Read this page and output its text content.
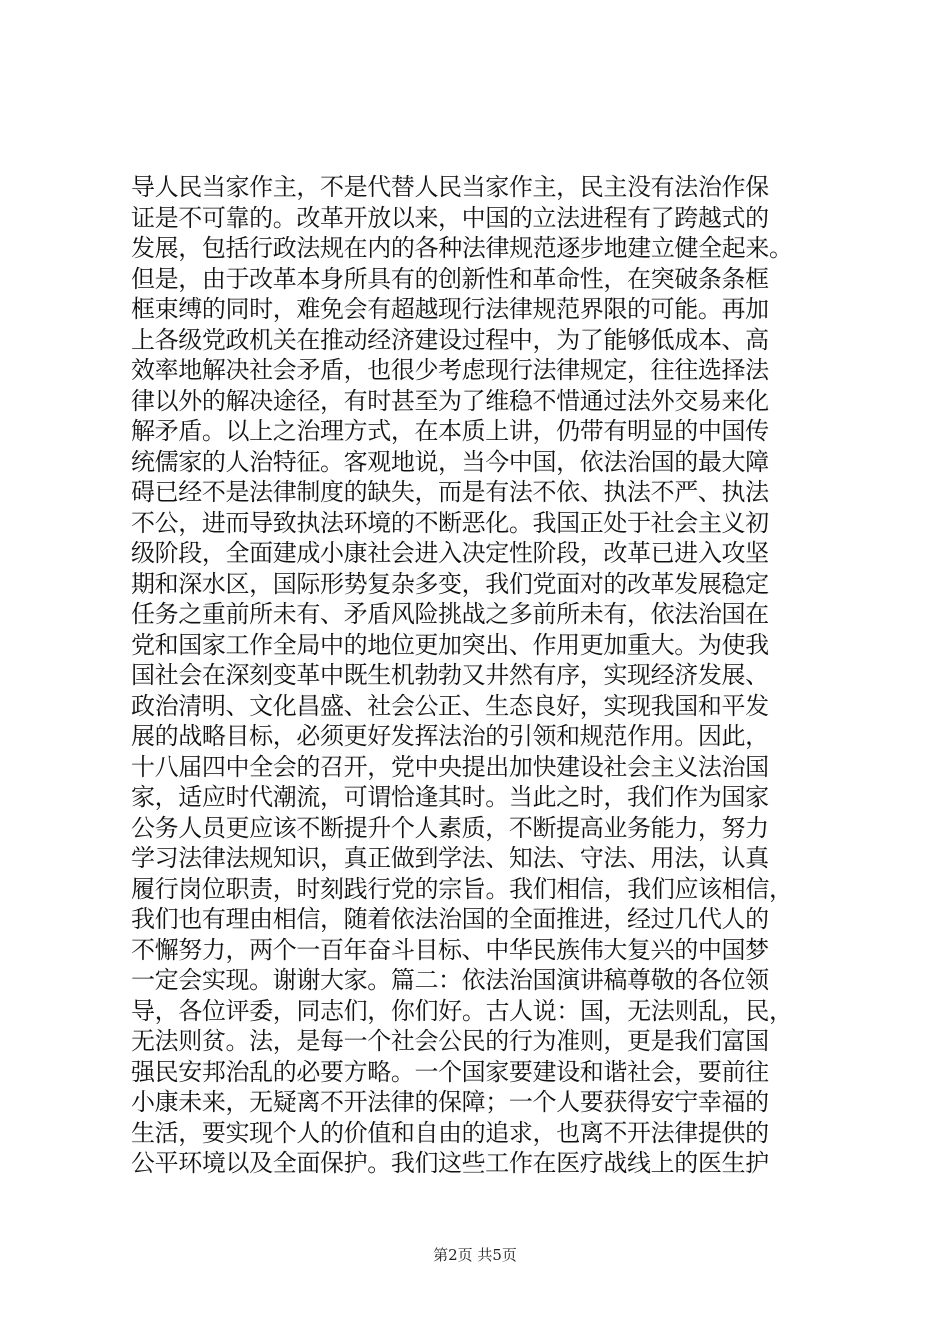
导人民当家作主，不是代替人民当家作主，民主没有法治作保
证是不可靠的。改革开放以来，中国的立法进程有了跨越式的
发展，包括行政法规在内的各种法律规范逐步地建立健全起来。
但是，由于改革本身所具有的创新性和革命性，在突破条条框
框束缚的同时，难免会有超越现行法律规范界限的可能。再加
上各级党政机关在推动经济建设过程中，为了能够低成本、高
效率地解决社会矛盾，也很少考虑现行法律规定，往往选择法
律以外的解决途径，有时甚至为了维稳不惜通过法外交易来化
解矛盾。以上之治理方式，在本质上讲，仍带有明显的中国传
统儒家的人治特征。客观地说，当今中国，依法治国的最大障
碍已经不是法律制度的缺失，而是有法不依、执法不严、执法
不公，进而导致执法环境的不断恶化。我国正处于社会主义初
级阶段，全面建成小康社会进入决定性阶段，改革已进入攻坚
期和深水区，国际形势复杂多变，我们党面对的改革发展稳定
任务之重前所未有、矛盾风险挑战之多前所未有，依法治国在
党和国家工作全局中的地位更加突出、作用更加重大。为使我
国社会在深刻变革中既生机勃勃又井然有序，实现经济发展、
政治清明、文化昌盛、社会公正、生态良好，实现我国和平发
展的战略目标，必须更好发挥法治的引领和规范作用。因此，
十八届四中全会的召开，党中央提出加快建设社会主义法治国
家，适应时代潮流，可谓恰逢其时。当此之时，我们作为国家
公务人员更应该不断提升个人素质，不断提高业务能力，努力
学习法律法规知识，真正做到学法、知法、守法、用法，认真
履行岗位职责，时刻践行党的宗旨。我们相信，我们应该相信，
我们也有理由相信，随着依法治国的全面推进，经过几代人的
不懈努力，两个一百年奋斗目标、中华民族伟大复兴的中国梦
一定会实现。谢谢大家。篇二：依法治国演讲稿尊敬的各位领
导，各位评委，同志们，你们好。古人说：国，无法则乱，民，
无法则贫。法，是每一个社会公民的行为准则，更是我们富国
强民安邦治乱的必要方略。一个国家要建设和谐社会，要前往
小康未来，无疑离不开法律的保障；一个人要获得安宁幸福的
生活，要实现个人的价值和自由的追求，也离不开法律提供的
公平环境以及全面保护。我们这些工作在医疗战线上的医生护
第2页 共5页
